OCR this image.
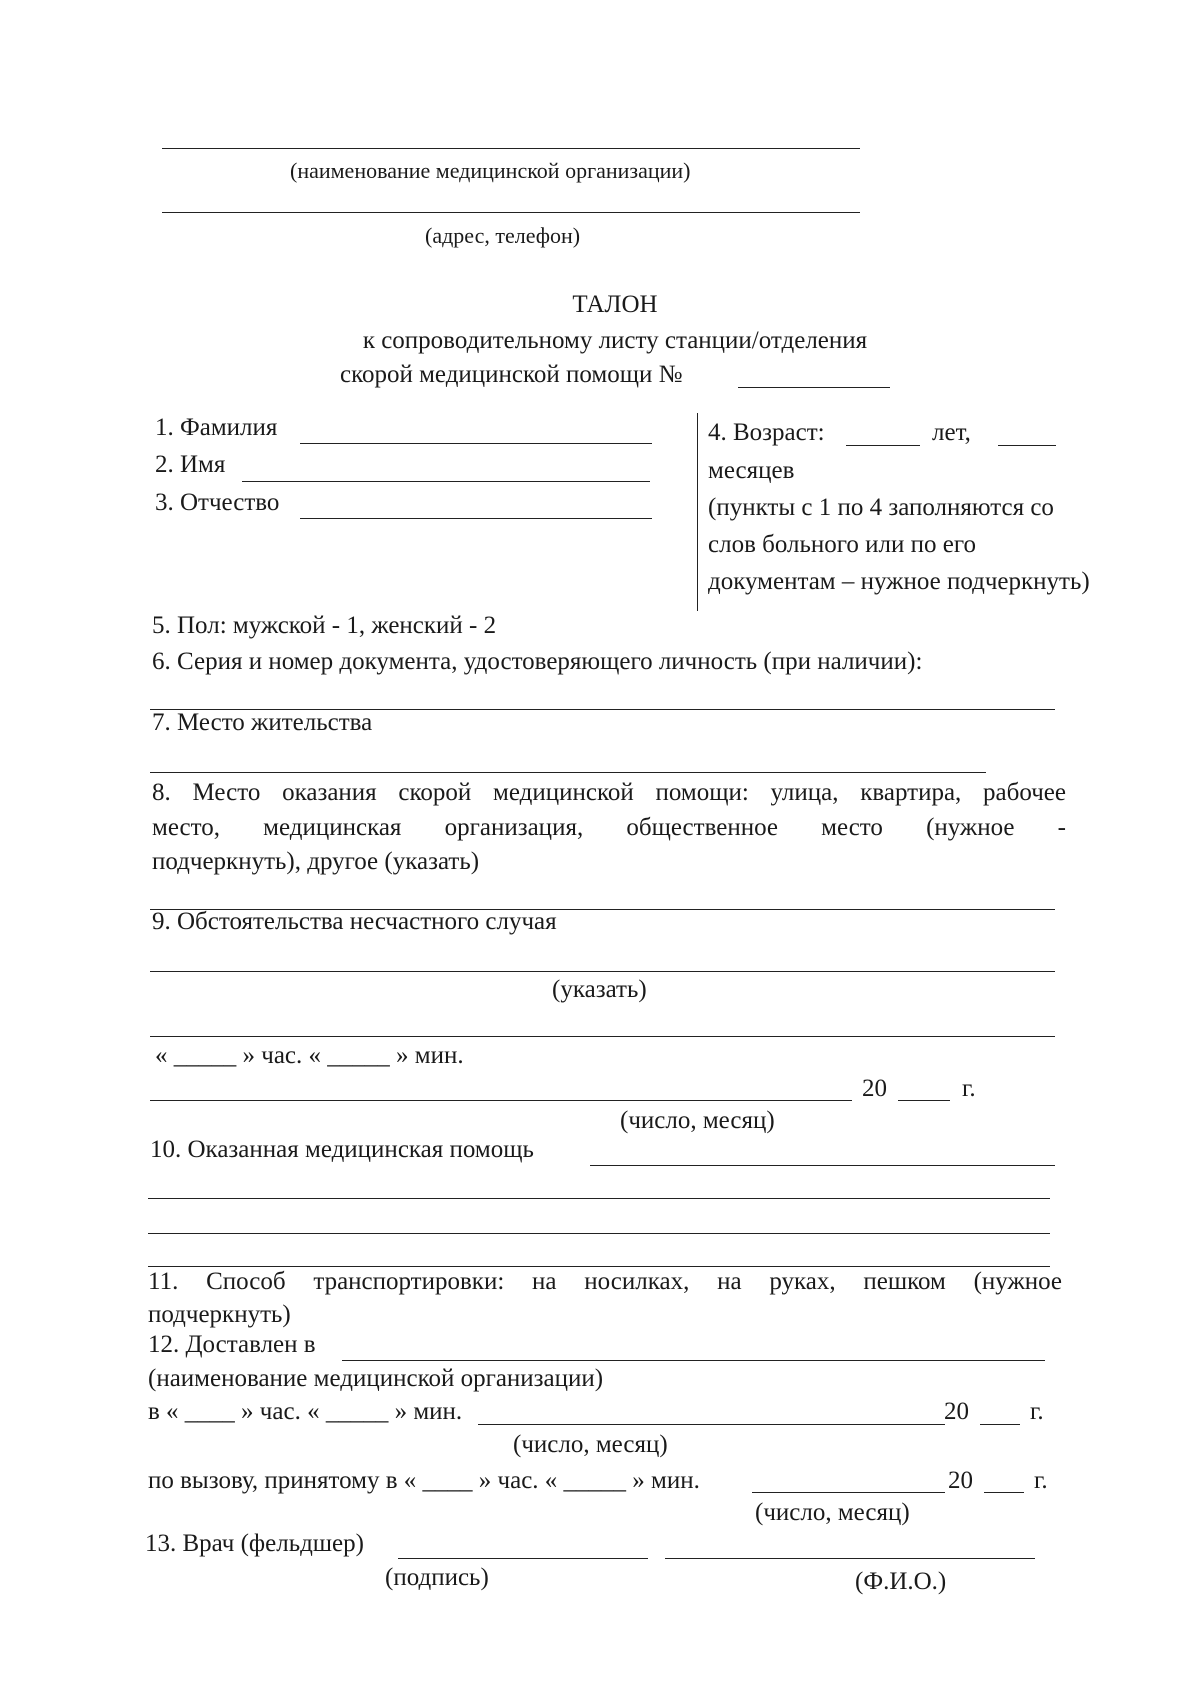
(наименование медицинской организации)
(адрес, телефон)
ТАЛОН
к сопроводительному листу станции/отделения
скорой медицинской помощи №
1. Фамилия
2. Имя
3. Отчество
4. Возраст:	лет,
месяцев
(пункты с 1 по 4 заполняются со
слов больного или по его
документам – нужное подчеркнуть)
5. Пол: мужской - 1, женский - 2
6. Серия и номер документа, удостоверяющего личность (при наличии):
7. Место жительства
8. Место оказания скорой медицинской помощи: улица, квартира, рабочее
место, медицинская организация, общественное место (нужное -
подчеркнуть), другое (указать)
9. Обстоятельства несчастного случая
(указать)
« _____ » час. « _____ » мин.
20	г.
(число, месяц)
10. Оказанная медицинская помощь
11. Способ транспортировки: на носилках, на руках, пешком (нужное
подчеркнуть)
12. Доставлен в
(наименование медицинской организации)
в « ____ » час. « _____ » мин.	20 г.
(число, месяц)
по вызову, принятому в « ____ » час. « _____ » мин.	20 г.
(число, месяц)
13. Врач (фельдшер)
(подпись)	(Ф.И.О.)
